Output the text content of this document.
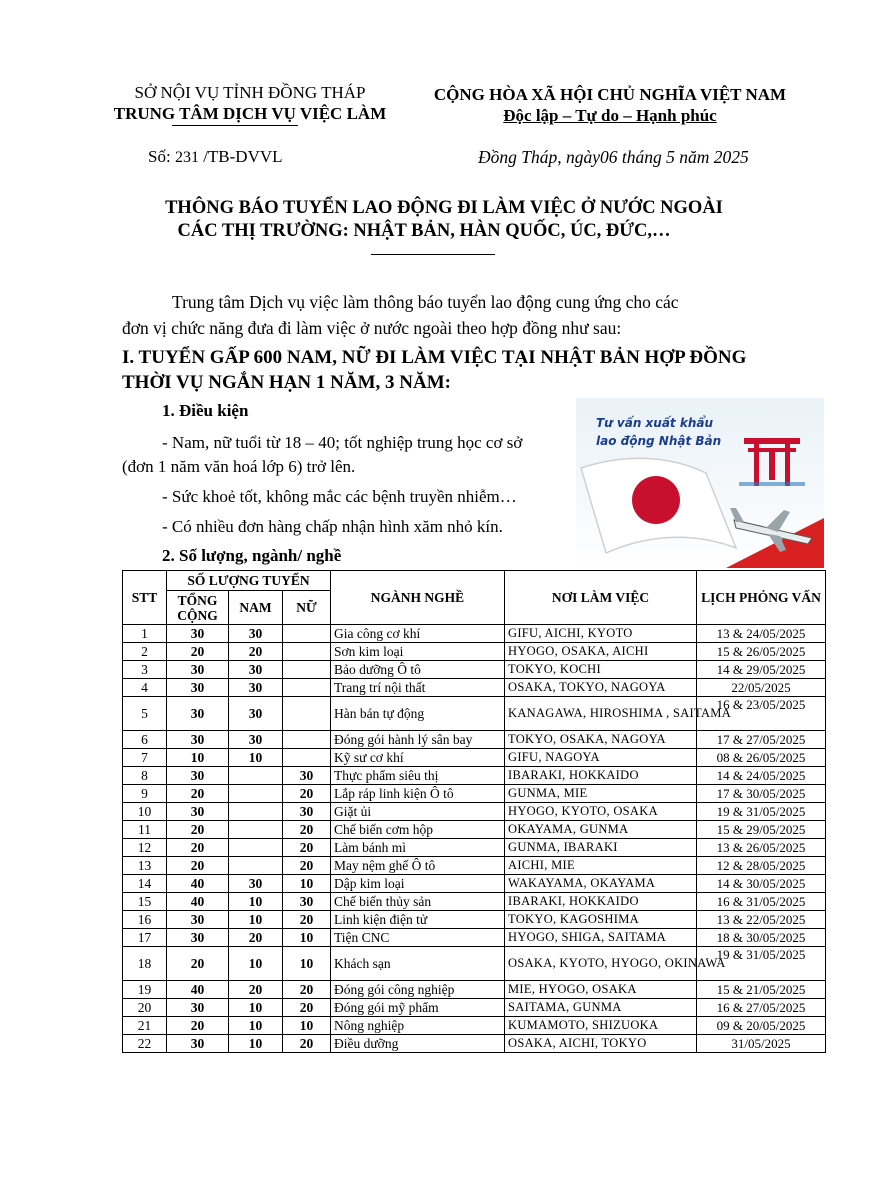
SỞ NỘI VỤ TỈNH ĐỒNG THÁP
TRUNG TÂM DỊCH VỤ VIỆC LÀM
Số: 231 /TB-DVVL
CỘNG HÒA XÃ HỘI CHỦ NGHĨA VIỆT NAM
Độc lập – Tự do – Hạnh phúc
Đồng Tháp, ngày06 tháng 5 năm 2025
THÔNG BÁO TUYỂN LAO ĐỘNG ĐI LÀM VIỆC Ở NƯỚC NGOÀI
CÁC THỊ TRƯỜNG: NHẬT BẢN, HÀN QUỐC, ÚC, ĐỨC,…
Trung tâm Dịch vụ việc làm thông báo tuyển lao động cung ứng cho các
đơn vị chức năng đưa đi làm việc ở nước ngoài theo hợp đồng như sau:
I. TUYỂN GẤP 600 NAM, NỮ ĐI LÀM VIỆC TẠI NHẬT BẢN HỢP ĐỒNG
THỜI VỤ NGẮN HẠN 1 NĂM, 3 NĂM:
1. Điều kiện
- Nam, nữ tuổi từ 18 – 40; tốt nghiệp trung học cơ sở
(đơn 1 năm văn hoá lớp 6) trở lên.
- Sức khoẻ tốt, không mắc các bệnh truyền nhiễm…
- Có nhiều đơn hàng chấp nhận hình xăm nhỏ kín.
2. Số lượng, ngành/ nghề
Tư vấn xuất khẩu
lao động Nhật Bản
STT	SỐ LƯỢNG TUYỂN			NGÀNH NGHỀ	NƠI LÀM VIỆC	LỊCH PHỎNG VẤN
	TỔNG CỘNG	NAM	NỮ			
1	30	30		Gia công cơ khí	GIFU, AICHI, KYOTO	13 & 24/05/2025
2	20	20		Sơn kim loại	HYOGO, OSAKA, AICHI	15 & 26/05/2025
3	30	30		Bảo dưỡng Ô tô	TOKYO, KOCHI	14 & 29/05/2025
4	30	30		Trang trí nội thất	OSAKA, TOKYO, NAGOYA	22/05/2025
5	30	30		Hàn bán tự động	KANAGAWA, HIROSHIMA , SAITAMA	16 & 23/05/2025
6	30	30		Đóng gói hành lý sân bay	TOKYO, OSAKA, NAGOYA	17 & 27/05/2025
7	10	10		Kỹ sư cơ khí	GIFU, NAGOYA	08 & 26/05/2025
8	30		30	Thực phẩm siêu thị	IBARAKI, HOKKAIDO	14 & 24/05/2025
9	20		20	Lắp ráp linh kiện Ô tô	GUNMA, MIE	17 & 30/05/2025
10	30		30	Giặt ủi	HYOGO, KYOTO, OSAKA	19 & 31/05/2025
11	20		20	Chế biến cơm hộp	OKAYAMA, GUNMA	15 & 29/05/2025
12	20		20	Làm bánh mì	GUNMA, IBARAKI	13 & 26/05/2025
13	20		20	May nệm ghế Ô tô	AICHI, MIE	12 & 28/05/2025
14	40	30	10	Dập kim loại	WAKAYAMA, OKAYAMA	14 & 30/05/2025
15	40	10	30	Chế biến thủy sản	IBARAKI, HOKKAIDO	16 & 31/05/2025
16	30	10	20	Linh kiện điện tử	TOKYO, KAGOSHIMA	13 & 22/05/2025
17	30	20	10	Tiện CNC	HYOGO, SHIGA, SAITAMA	18 & 30/05/2025
18	20	10	10	Khách sạn	OSAKA, KYOTO, HYOGO, OKINAWA	19 & 31/05/2025
19	40	20	20	Đóng gói công nghiệp	MIE, HYOGO, OSAKA	15 & 21/05/2025
20	30	10	20	Đóng gói mỹ phẩm	SAITAMA, GUNMA	16 & 27/05/2025
21	20	10	10	Nông nghiệp	KUMAMOTO, SHIZUOKA	09 & 20/05/2025
22	30	10	20	Điều dưỡng	OSAKA, AICHI, TOKYO	31/05/2025
